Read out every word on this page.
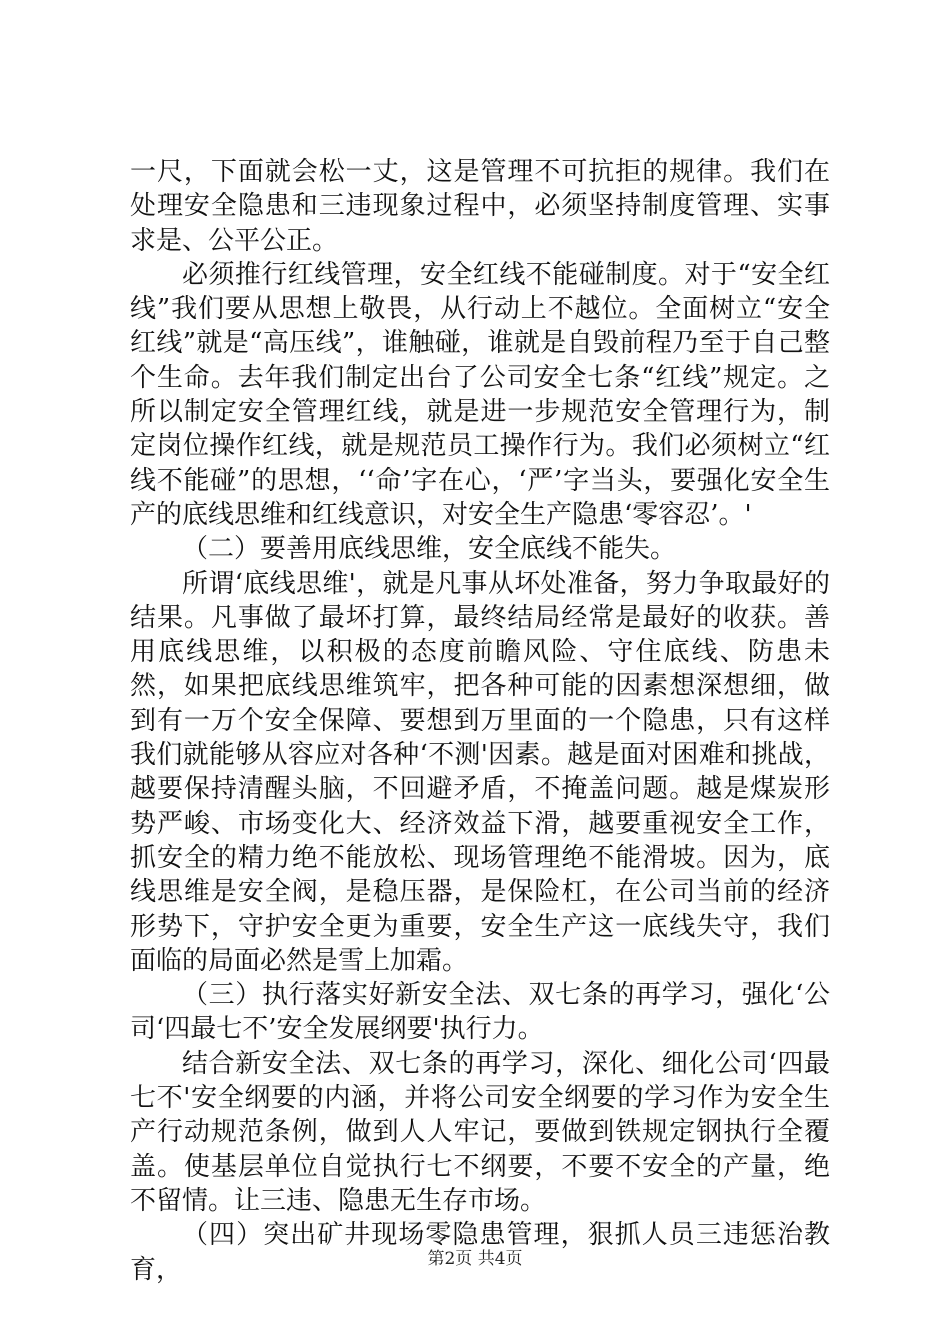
一尺，下面就会松一丈，这是管理不可抗拒的规律。我们在处理安全隐患和三违现象过程中，必须坚持制度管理、实事求是、公平公正。

必须推行红线管理，安全红线不能碰制度。对于“安全红线”我们要从思想上敬畏，从行动上不越位。全面树立“安全红线”就是“高压线”，谁触碰，谁就是自毁前程乃至于自己整个生命。去年我们制定出台了公司安全七条“红线”规定。之所以制定安全管理红线，就是进一步规范安全管理行为，制定岗位操作红线，就是规范员工操作行为。我们必须树立“红线不能碰”的思想，‘‘命’字在心，‘严’字当头，要强化安全生产的底线思维和红线意识，对安全生产隐患‘零容忍’。'

（二）要善用底线思维，安全底线不能失。

所谓‘底线思维'，就是凡事从坏处准备，努力争取最好的结果。凡事做了最坏打算，最终结局经常是最好的收获。善用底线思维，以积极的态度前瞻风险、守住底线、防患未然，如果把底线思维筑牢，把各种可能的因素想深想细，做到有一万个安全保障、要想到万里面的一个隐患，只有这样我们就能够从容应对各种‘不测'因素。越是面对困难和挑战，越要保持清醒头脑，不回避矛盾，不掩盖问题。越是煤炭形势严峻、市场变化大、经济效益下滑，越要重视安全工作，抓安全的精力绝不能放松、现场管理绝不能滑坡。因为，底线思维是安全阀，是稳压器，是保险杠，在公司当前的经济形势下，守护安全更为重要，安全生产这一底线失守，我们面临的局面必然是雪上加霜。

（三）执行落实好新安全法、双七条的再学习，强化‘公司‘四最七不’安全发展纲要'执行力。

结合新安全法、双七条的再学习，深化、细化公司‘四最七不'安全纲要的内涵，并将公司安全纲要的学习作为安全生产行动规范条例，做到人人牢记，要做到铁规定钢执行全覆盖。使基层单位自觉执行七不纲要，不要不安全的产量，绝不留情。让三违、隐患无生存市场。

（四）突出矿井现场零隐患管理，狠抓人员三违惩治教育，	第2页 共4页
